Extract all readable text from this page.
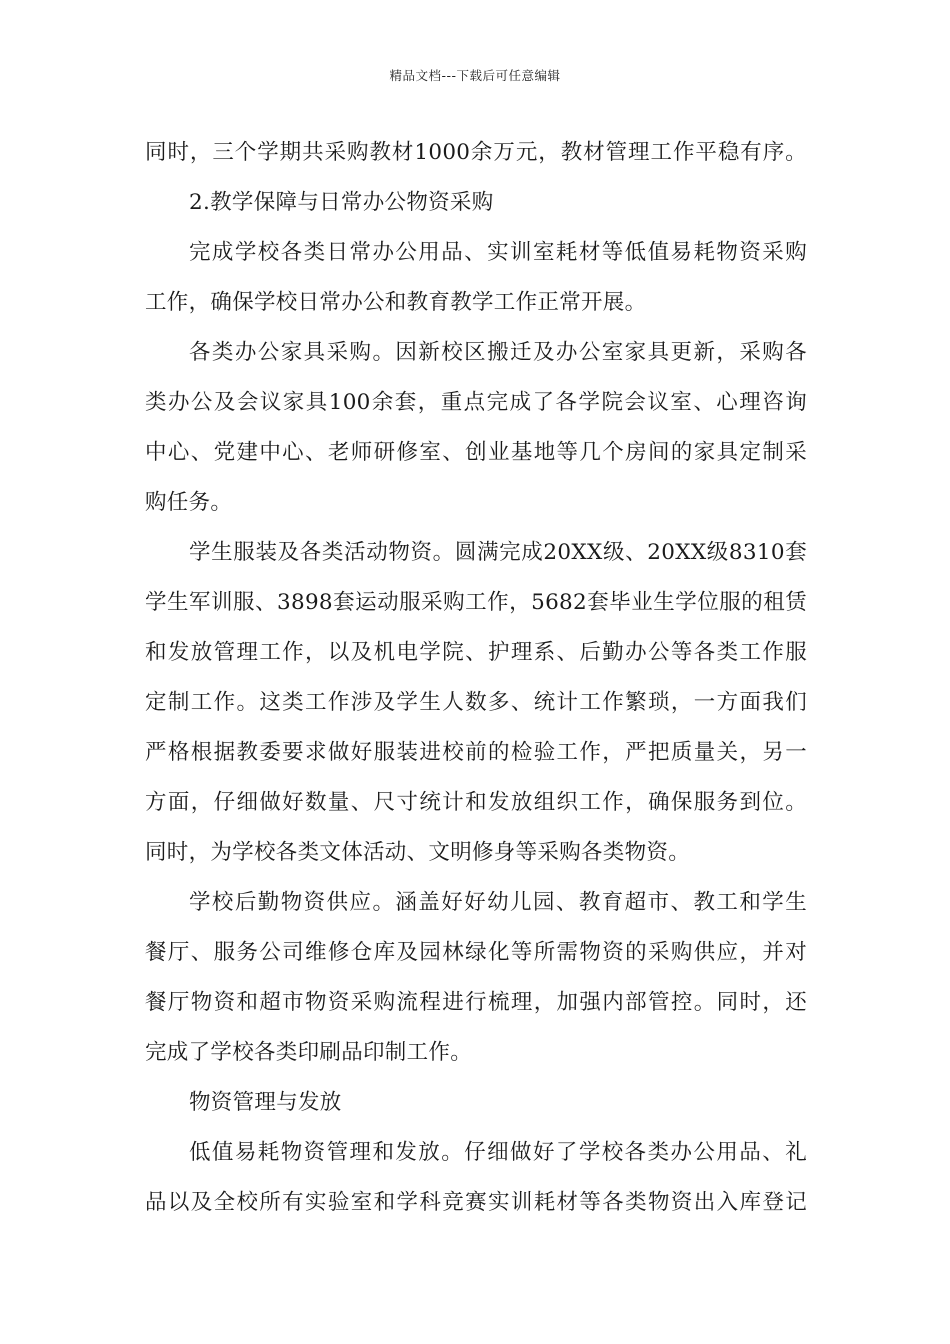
精品文档---下载后可任意编辑
同时，三个学期共采购教材1000余万元，教材管理工作平稳有序。
2.教学保障与日常办公物资采购
完成学校各类日常办公用品、实训室耗材等低值易耗物资采购
工作，确保学校日常办公和教育教学工作正常开展。
各类办公家具采购。因新校区搬迁及办公室家具更新，采购各
类办公及会议家具100余套，重点完成了各学院会议室、心理咨询
中心、党建中心、老师研修室、创业基地等几个房间的家具定制采
购任务。
学生服装及各类活动物资。圆满完成20XX级、20XX级8310套
学生军训服、3898套运动服采购工作，5682套毕业生学位服的租赁
和发放管理工作，以及机电学院、护理系、后勤办公等各类工作服
定制工作。这类工作涉及学生人数多、统计工作繁琐，一方面我们
严格根据教委要求做好服装进校前的检验工作，严把质量关，另一
方面，仔细做好数量、尺寸统计和发放组织工作，确保服务到位。
同时，为学校各类文体活动、文明修身等采购各类物资。
学校后勤物资供应。涵盖好好幼儿园、教育超市、教工和学生
餐厅、服务公司维修仓库及园林绿化等所需物资的采购供应，并对
餐厅物资和超市物资采购流程进行梳理，加强内部管控。同时，还
完成了学校各类印刷品印制工作。
物资管理与发放
低值易耗物资管理和发放。仔细做好了学校各类办公用品、礼
品以及全校所有实验室和学科竞赛实训耗材等各类物资出入库登记
